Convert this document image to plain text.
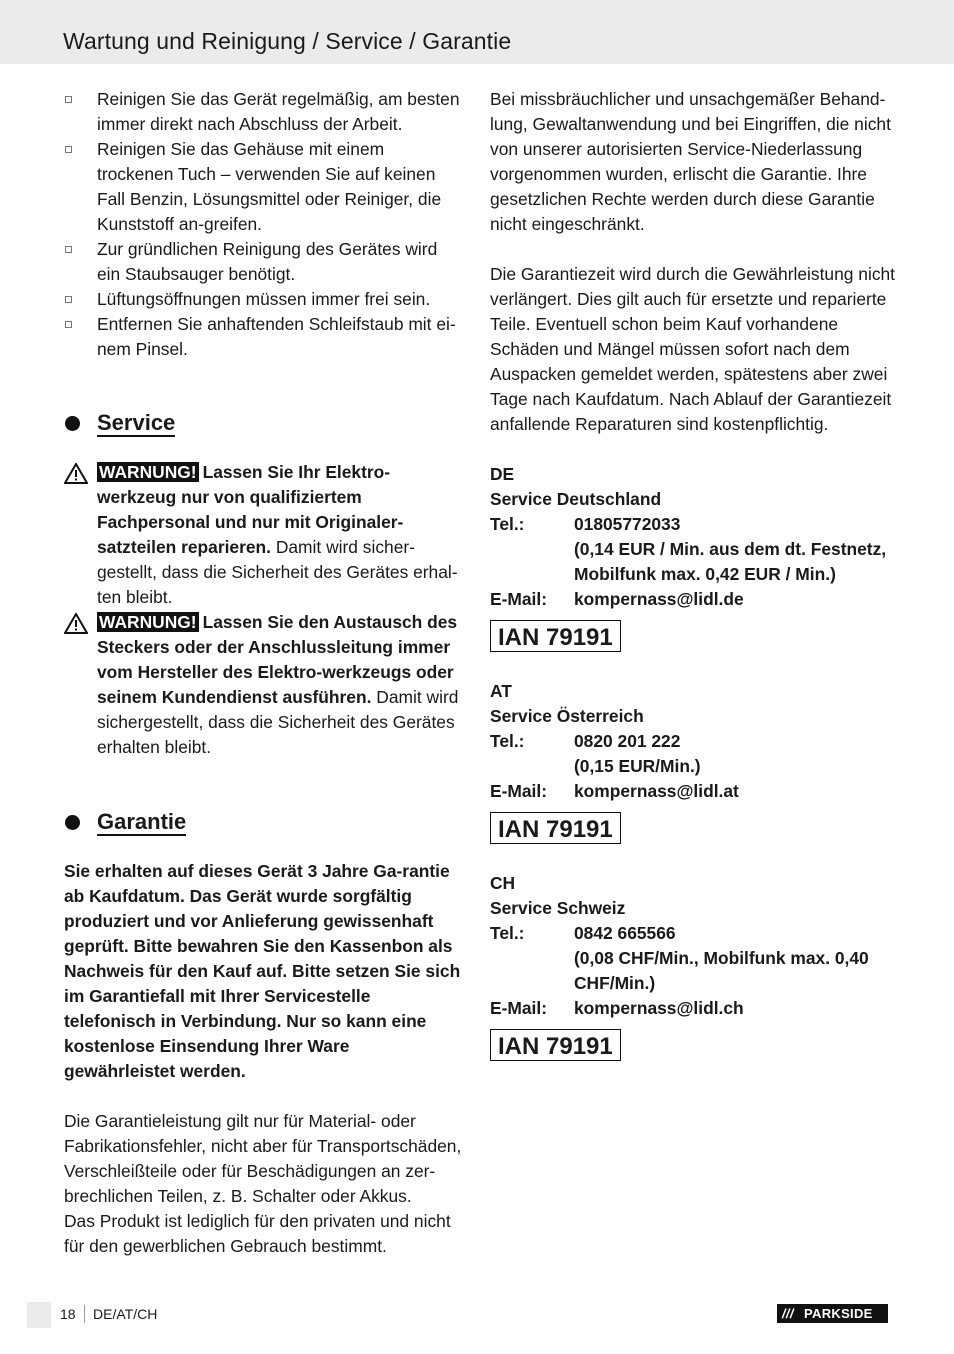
Wartung und Reinigung / Service / Garantie
Reinigen Sie das Gerät regelmäßig, am besten immer direkt nach Abschluss der Arbeit.
Reinigen Sie das Gehäuse mit einem trockenen Tuch – verwenden Sie auf keinen Fall Benzin, Lösungsmittel oder Reiniger, die Kunststoff an-greifen.
Zur gründlichen Reinigung des Gerätes wird ein Staubsauger benötigt.
Lüftungsöffnungen müssen immer frei sein.
Entfernen Sie anhaftenden Schleifstaub mit ei-nem Pinsel.
Service
WARNUNG! Lassen Sie Ihr Elektro-werkzeug nur von qualifiziertem Fachpersonal und nur mit Originaler-satzteilen reparieren. Damit wird sicher-gestellt, dass die Sicherheit des Gerätes erhal-ten bleibt.
WARNUNG! Lassen Sie den Austausch des Steckers oder der Anschlussleitung immer vom Hersteller des Elektro-werkzeugs oder seinem Kundendienst ausführen. Damit wird sichergestellt, dass die Sicherheit des Gerätes erhalten bleibt.
Garantie

Sie erhalten auf dieses Gerät 3 Jahre Ga-rantie ab Kaufdatum. Das Gerät wurde sorgfältig produziert und vor Anlieferung gewissenhaft geprüft. Bitte bewahren Sie den Kassenbon als Nachweis für den Kauf auf. Bitte setzen Sie sich im Garantiefall mit Ihrer Servicestelle telefonisch in Verbindung. Nur so kann eine kostenlose Einsendung Ihrer Ware gewährleistet werden.

Die Garantieleistung gilt nur für Material- oder Fabrikationsfehler, nicht aber für Transportschäden, Verschleißteile oder für Beschädigungen an zer-brechlichen Teilen, z. B. Schalter oder Akkus.

Das Produkt ist lediglich für den privaten und nicht für den gewerblichen Gebrauch bestimmt.

Bei missbräuchlicher und unsachgemäßer Behand-lung, Gewaltanwendung und bei Eingriffen, die nicht von unserer autorisierten Service-Niederlassung vorgenommen wurden, erlischt die Garantie. Ihre gesetzlichen Rechte werden durch diese Garantie nicht eingeschränkt.

Die Garantiezeit wird durch die Gewährleistung nicht verlängert. Dies gilt auch für ersetzte und reparierte Teile. Eventuell schon beim Kauf vorhandene Schäden und Mängel müssen sofort nach dem Auspacken gemeldet werden, spätestens aber zwei Tage nach Kaufdatum. Nach Ablauf der Garantiezeit anfallende Reparaturen sind kostenpflichtig.

DE
Service Deutschland
Tel.:	01805772033
(0,14 EUR / Min. aus dem dt. Festnetz, Mobilfunk max. 0,42 EUR / Min.)
E-Mail: kompernass@lidl.de
IAN 79191
AT
Service Österreich
Tel.:	0820 201 222
(0,15 EUR/Min.)
E-Mail: kompernass@lidl.at
IAN 79191
CH
Service Schweiz
Tel.:	0842 665566
(0,08 CHF/Min., Mobilfunk max. 0,40 CHF/Min.)
E-Mail: kompernass@lidl.ch
IAN 79191
18 DE/AT/CH	/// PARKSIDE
